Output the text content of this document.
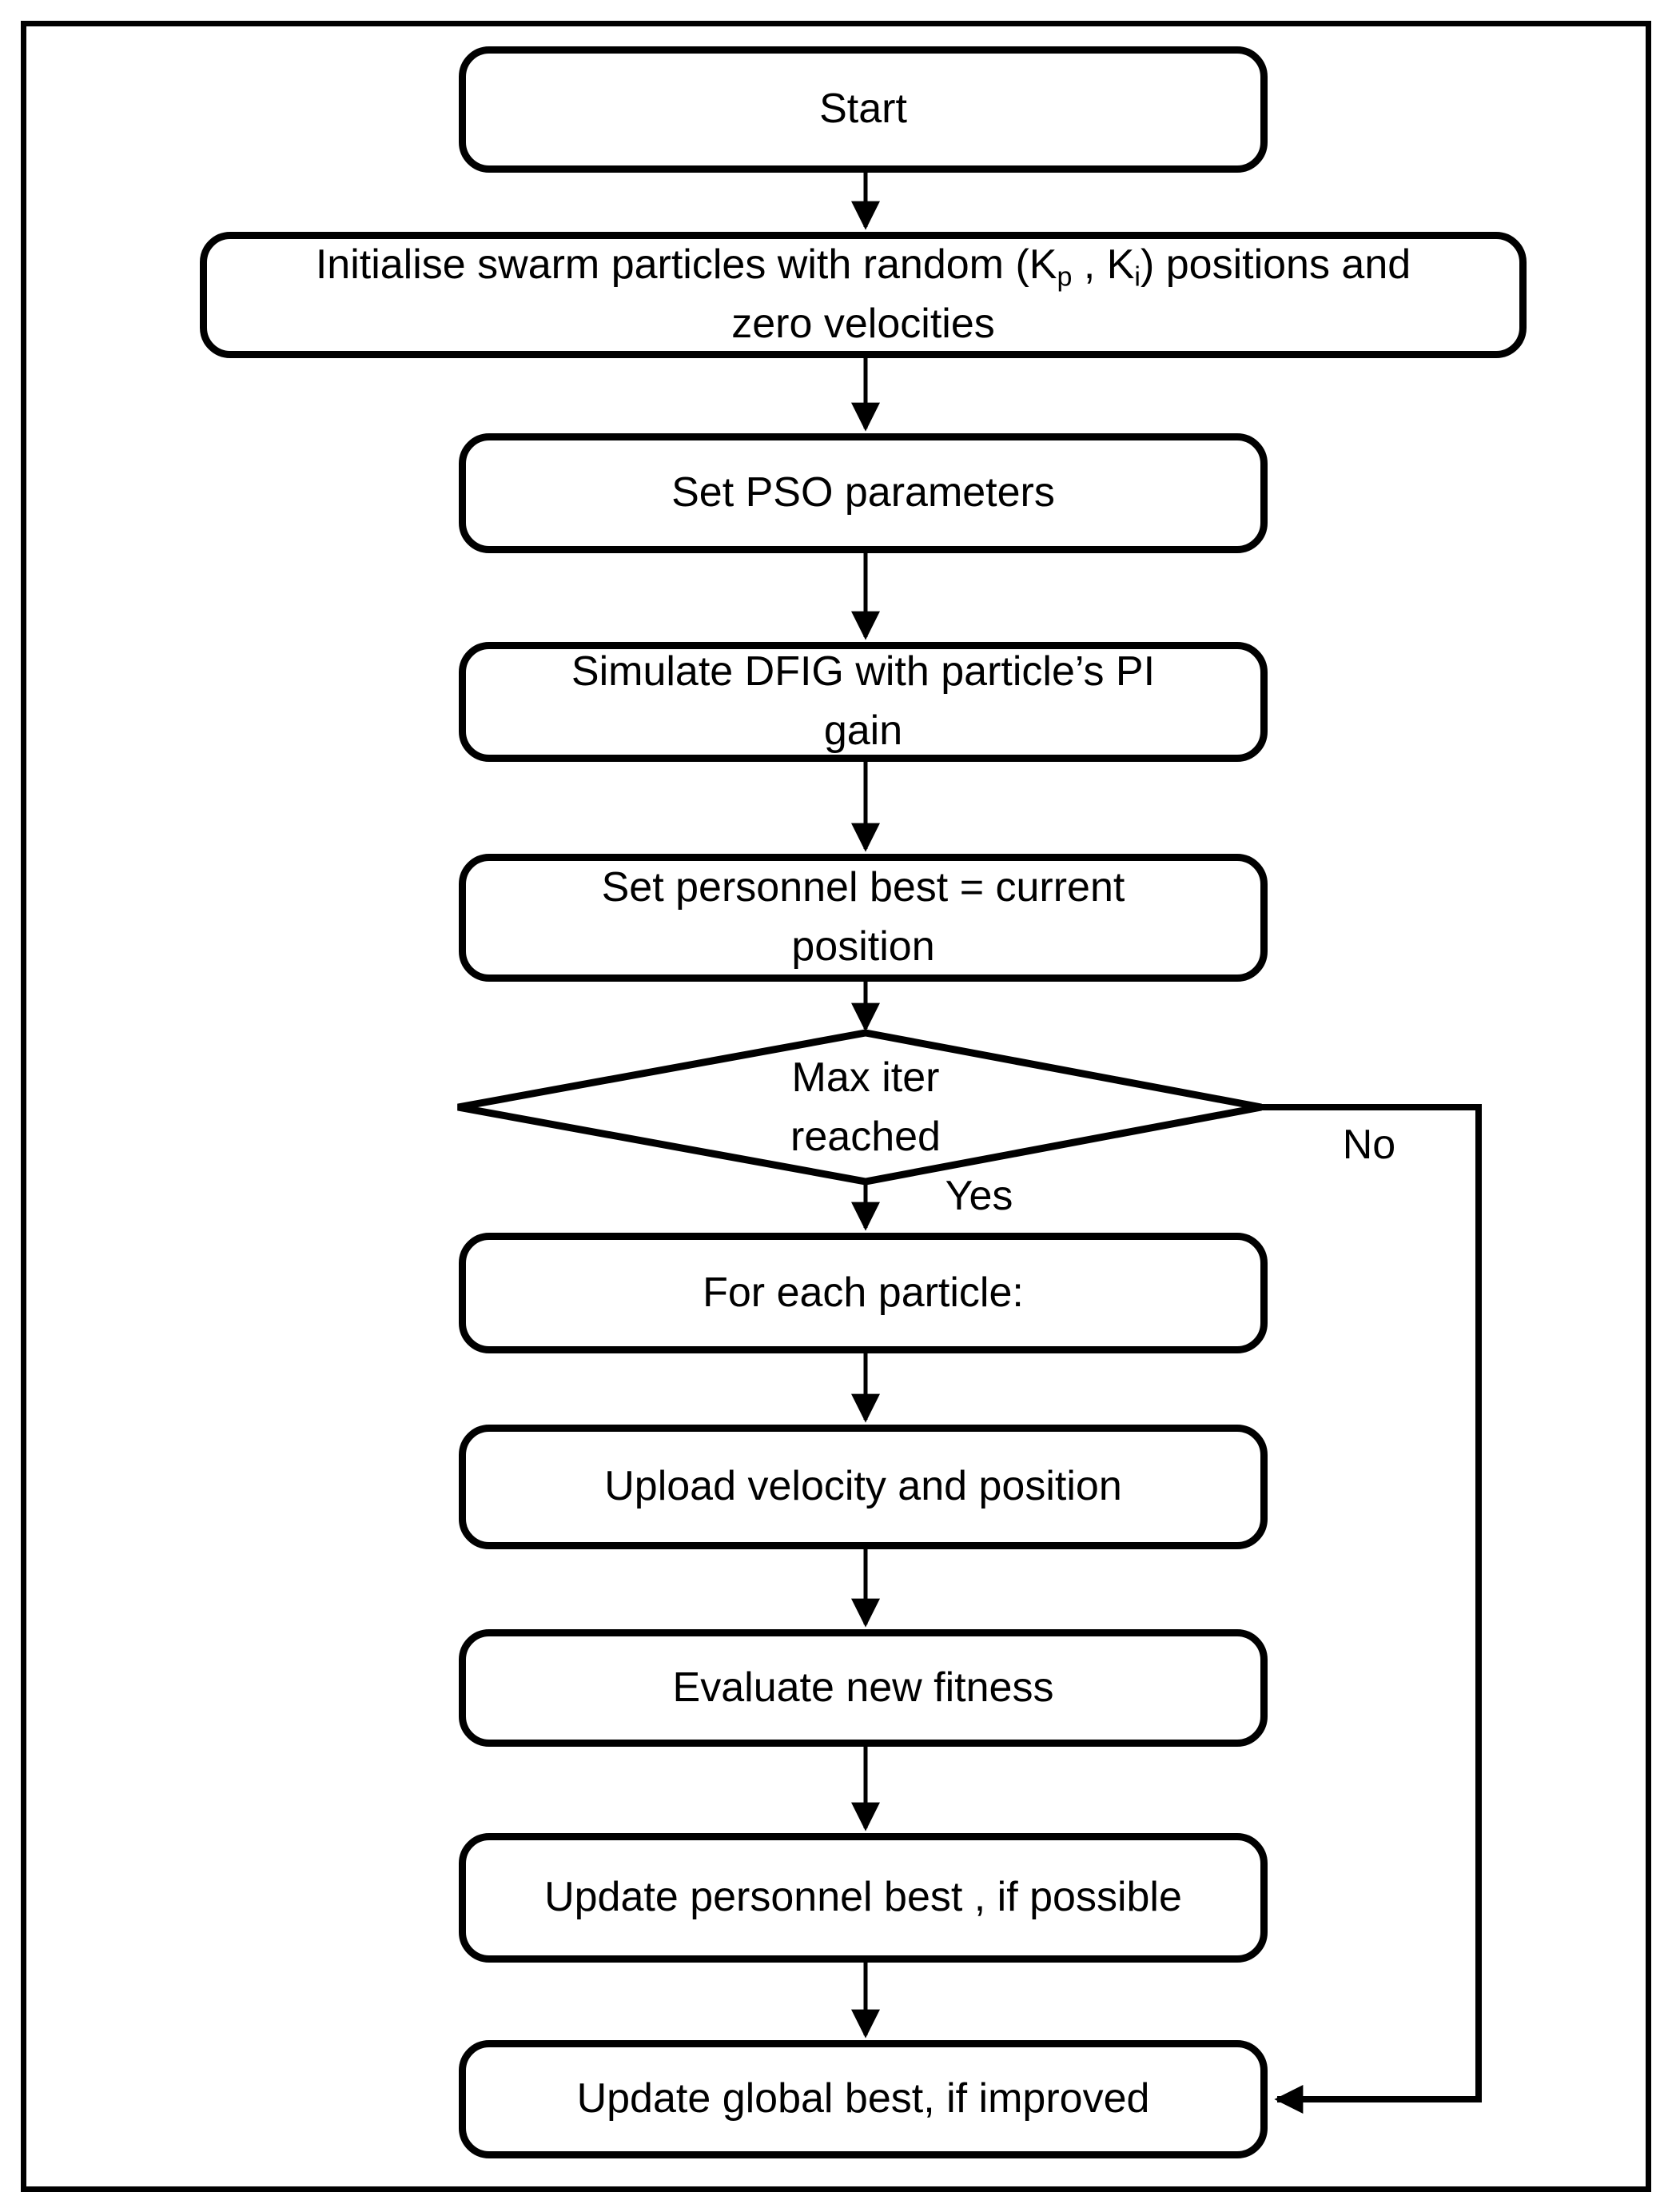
Start
Initialise swarm particles with random ($K_p$ , $K_i$) positions and
zero velocities
Set PSO parameters
Simulate DFIG with particle’s PI
gain
Set personnel best = current
position
Max iter reached
For each particle:
Upload velocity and position
Evaluate new fitness
Update personnel best , if possible
Update global best, if improved
Yes
No
